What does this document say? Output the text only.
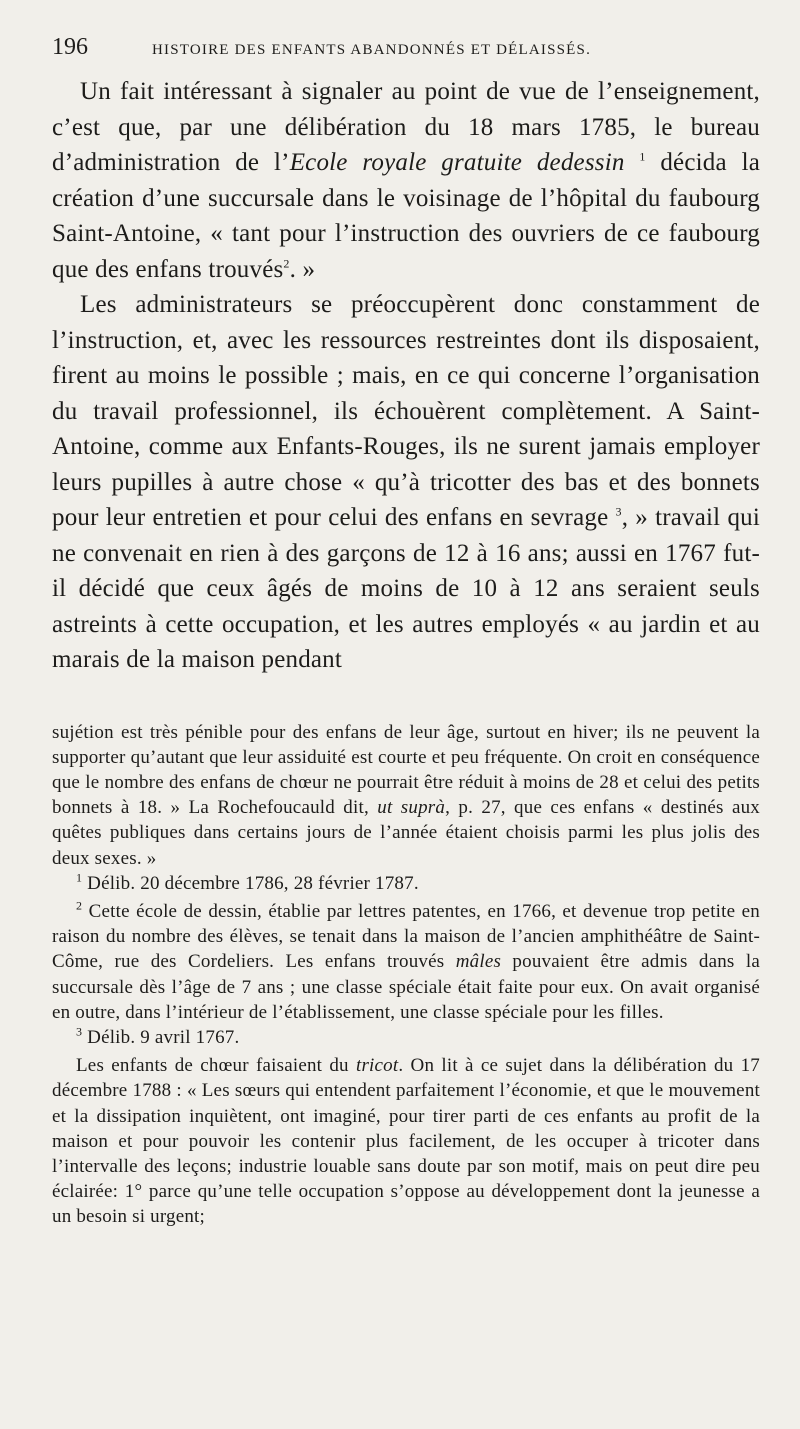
196	HISTOIRE DES ENFANTS ABANDONNÉS ET DÉLAISSÉS.

Un fait intéressant à signaler au point de vue de l’enseignement, c’est que, par une délibération du 18 mars 1785, le bureau d’administration de l’Ecole royale gratuite dedessin $^1$ décida la création d’une succursale dans le voisinage de l’hôpital du faubourg Saint-Antoine, « tant pour l’instruction des ouvriers de ce faubourg que des enfans trouvés$^2$. »

Les administrateurs se préoccupèrent donc constamment de l’instruction, et, avec les ressources restreintes dont ils disposaient, firent au moins le possible ; mais, en ce qui concerne l’organisation du travail professionnel, ils échouèrent complètement. A Saint-Antoine, comme aux Enfants-Rouges, ils ne surent jamais employer leurs pupilles à autre chose « qu’à tricotter des bas et des bonnets pour leur entretien et pour celui des enfans en sevrage $^3$, » travail qui ne convenait en rien à des garçons de 12 à 16 ans; aussi en 1767 fut-il décidé que ceux âgés de moins de 10 à 12 ans seraient seuls astreints à cette occupation, et les autres employés « au jardin et au marais de la maison pendant

sujétion est très pénible pour des enfans de leur âge, surtout en hiver; ils ne peuvent la supporter qu’autant que leur assiduité est courte et peu fréquente. On croit en conséquence que le nombre des enfans de chœur ne pourrait être réduit à moins de 28 et celui des petits bonnets à 18. » La Rochefoucauld dit, ut suprà, p. 27, que ces enfans « destinés aux quêtes publiques dans certains jours de l’année étaient choisis parmi les plus jolis des deux sexes. »

$^1$ Délib. 20 décembre 1786, 28 février 1787.

$^2$ Cette école de dessin, établie par lettres patentes, en 1766, et devenue trop petite en raison du nombre des élèves, se tenait dans la maison de l’ancien amphithéâtre de Saint-Côme, rue des Cordeliers. Les enfans trouvés mâles pouvaient être admis dans la succursale dès l’âge de 7 ans ; une classe spéciale était faite pour eux. On avait organisé en outre, dans l’intérieur de l’établissement, une classe spéciale pour les filles.

$^3$ Délib. 9 avril 1767.

Les enfants de chœur faisaient du tricot. On lit à ce sujet dans la délibération du 17 décembre 1788 : « Les sœurs qui entendent parfaitement l’économie, et que le mouvement et la dissipation inquiètent, ont imaginé, pour tirer parti de ces enfants au profit de la maison et pour pouvoir les contenir plus facilement, de les occuper à tricoter dans l’intervalle des leçons; industrie louable sans doute par son motif, mais on peut dire peu éclairée: 1° parce qu’une telle occupation s’oppose au développement dont la jeunesse a un besoin si urgent;
